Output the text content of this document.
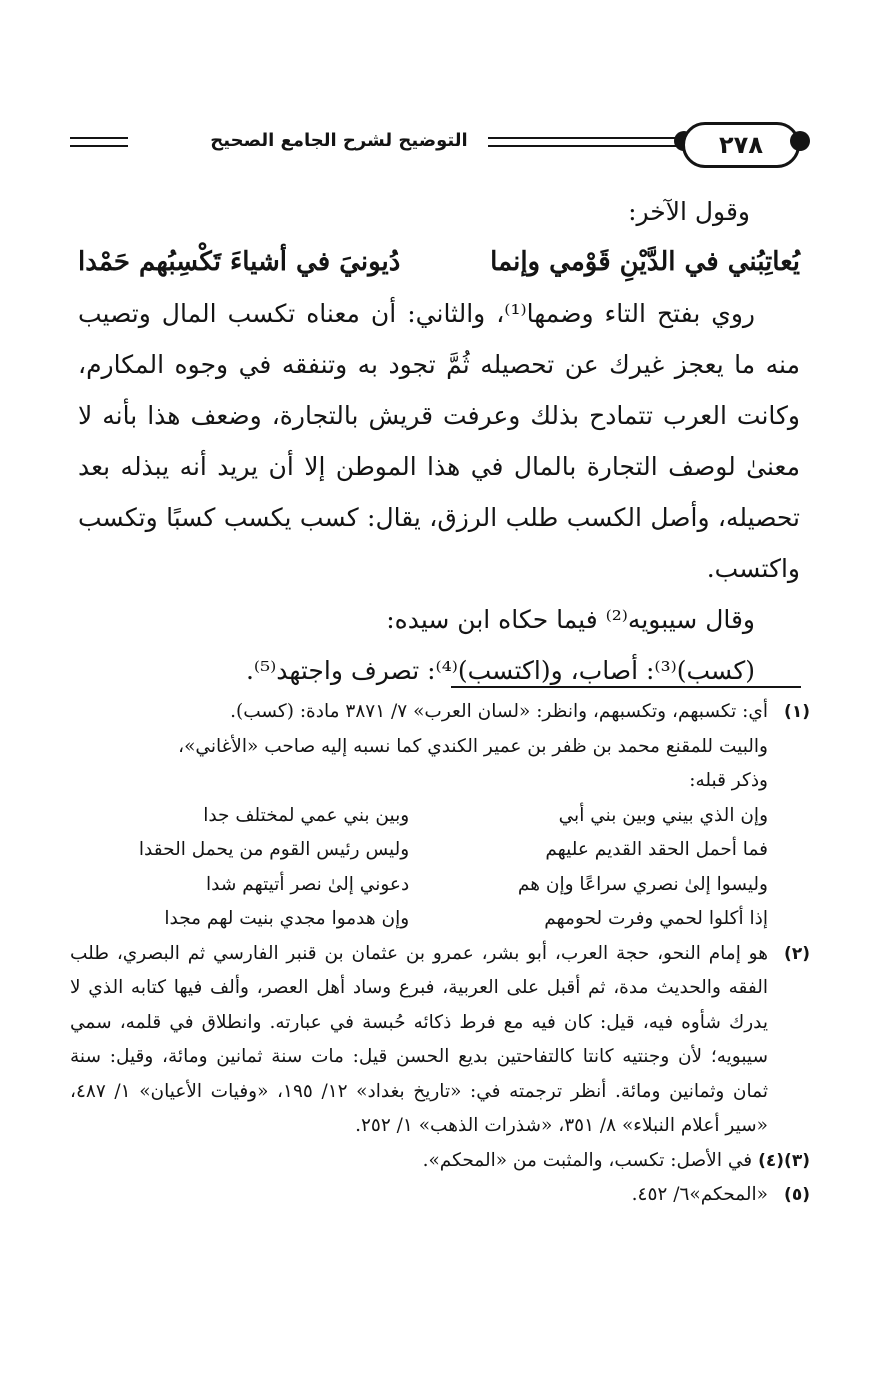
٢٧٨
التوضيح لشرح الجامع الصحيح

وقول الآخر:

يُعاتِبُني في الدَّيْنِ قَوْمي وإنما
دُيونيَ في أشياءَ تَكْسِبُهم حَمْدا

روي بفتح التاء وضمها⁽¹⁾، والثاني: أن معناه تكسب المال وتصيب منه ما يعجز غيرك عن تحصيله ثُمَّ تجود به وتنفقه في وجوه المكارم، وكانت العرب تتمادح بذلك وعرفت قريش بالتجارة، وضعف هذا بأنه لا معنىٰ لوصف التجارة بالمال في هذا الموطن إلا أن يريد أنه يبذله بعد تحصيله، وأصل الكسب طلب الرزق، يقال: كسب يكسب كسبًا وتكسب واكتسب.

وقال سيبويه⁽²⁾ فيما حكاه ابن سيده:

(كسب)⁽³⁾: أصاب، و(اكتسب)⁽⁴⁾: تصرف واجتهد⁽⁵⁾.

(١)

أي: تكسبهم، وتكسبهم، وانظر: «لسان العرب» ٧/ ٣٨٧١ مادة: (كسب).

والبيت للمقنع محمد بن ظفر بن عمير الكندي كما نسبه إليه صاحب «الأغاني»،

وذكر قبله:

وإن الذي بيني وبين بني أبي
وبين بني عمي لمختلف جدا
فما أحمل الحقد القديم عليهم
وليس رئيس القوم من يحمل الحقدا
وليسوا إلىٰ نصري سراعًا وإن هم
دعوني إلىٰ نصر أتيتهم شدا
إذا أكلوا لحمي وفرت لحومهم
وإن هدموا مجدي بنيت لهم مجدا
(٢)

هو إمام النحو، حجة العرب، أبو بشر، عمرو بن عثمان بن قنبر الفارسي ثم البصري، طلب الفقه والحديث مدة، ثم أقبل على العربية، فبرع وساد أهل العصر، وألف فيها كتابه الذي لا يدرك شأوه فيه، قيل: كان فيه مع فرط ذكائه حُبسة في عبارته. وانطلاق في قلمه، سمي سيبويه؛ لأن وجنتيه كانتا كالتفاحتين بديع الحسن قيل: مات سنة ثمانين ومائة، وقيل: سنة ثمان وثمانين ومائة. أنظر ترجمته في: «تاريخ بغداد» ١٢/ ١٩٥، «وفيات الأعيان» ١/ ٤٨٧، «سير أعلام النبلاء» ٨/ ٣٥١، «شذرات الذهب» ١/ ٢٥٢.

(٣)(٤)

في الأصل: تكسب، والمثبت من «المحكم».

(٥)

«المحكم»٦/ ٤٥٢.
